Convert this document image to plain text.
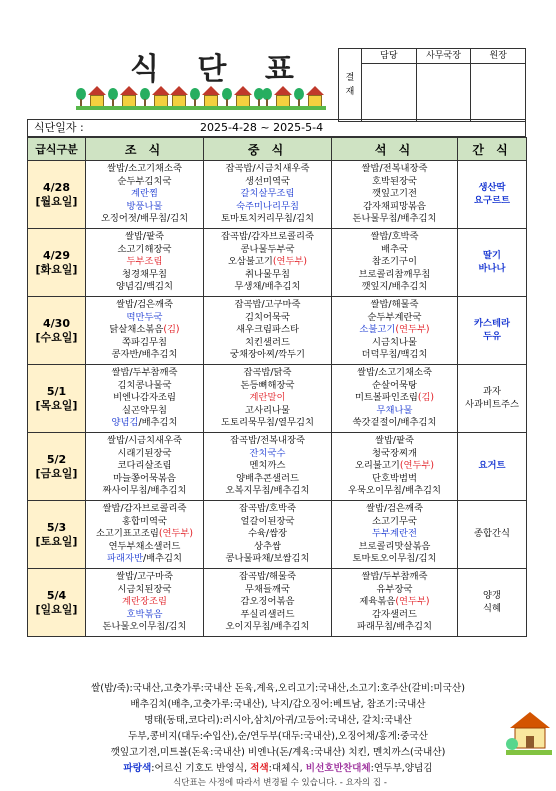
식 단 표	결
재
담당	사무국장	원장
식단일자 :	2025-4-28 ~ 2025-5-4
급식구분	조 식	중 식	석 식	간 식

4/28
[월요일]	쌀밥/소고기채소죽
순두부김치국
계란찜
방풍나물
오징어젓/배무침/김치	잡곡밥/시금치새우죽
생선미역국
갈치살무조림
숙주미나리무침
토마토치커리무침/김치	쌀밥/전복내장죽
호박된장국
깻잎고기전
감자채피망볶음
돈나물무침/배추김치	생산딱
요구르트

4/29
[화요일]	쌀밥/팥죽
소고기해장국
두부조림
청경채무침
양념김/백김치	잡곡밥/감자브로콜리죽
콩나물두부국
오삼불고기(연두부)
취나물무침
무생채/배추김치	쌀밥/호박죽
배추국
참조기구이
브로콜리참깨무침
깻잎지/배추김치	딸기
바나나

4/30
[수요일]	쌀밥/검은깨죽
떡만두국
닭살채소볶음(김)
쪽파김무침
콩자반/배추김치	잡곡밥/고구마죽
김치어묵국
새우크림파스타
치킨샐러드
궁채장아찌/깍두기	쌀밥/해물죽
순두부계란국
소불고기(연두부)
시금치나물
더덕무침/백김치	카스테라
두유

5/1
[목요일]	쌀밥/두부참깨죽
김치콩나물국
비엔나감자조림
실곤약무침
양념김/배추김치	잡곡밥/닭죽
돈등뼈해장국
계란말이
고사리나물
도토리묵무침/열무김치	쌀밥/소고기채소죽
순살어묵탕
미트볼파인조림(김)
무채나물
쑥갓겉절이/배추김치	과자
사과비트주스

5/2
[금요일]	쌀밥/시금치새우죽
시래기된장국
코다리살조림
마늘쫑어묵볶음
짜사이무침/배추김치	잡곡밥/전복내장죽
잔치국수
멘치까스
양배추콘샐러드
오복지무침/배추김치	쌀밥/팥죽
청국장찌개
오리불고기(연두부)
단호박범벅
우묵오이무침/배추김치	요거트

5/3
[토요일]	쌀밥/감자브로콜리죽
홍합미역국
소고기표고조림(연두부)
연두부채소샐러드
파래자반/배추김치	잡곡밥/호박죽
얼갈이된장국
수육/쌈장
상추쌈
콩나물파채/보쌈김치	쌀밥/검은깨죽
소고기무국
두부계란전
브로콜리맛살볶음
토마토오이무침/김치	종합간식

5/4
[일요일]	쌀밥/고구마죽
시금치된장국
계란장조림
호박볶음
돈나물오이무침/김치	잡곡밥/해물죽
무채들깨국
감오징어볶음
푸실리샐러드
오이지무침/배추김치	쌀밥/두부참깨죽
유부장국
제육볶음(연두부)
감자샐러드
파래무침/배추김치	양갱
식혜
쌀(밥/죽):국내산,고춧가루:국내산 돈육,계육,오리고기:국내산,소고기:호주산(갈비:미국산)
배추김치(배추,고춧가루:국내산), 낙지/갑오징어:베트남, 참조기:국내산
명태(동태,코다리):러시아,삼치/아귀/고등어:국내산, 갈치:국내산
두부,콩비지(대두:수입산),순/연두부(대두:국내산),오징어채/홍게:중국산
깻잎고기전,미트볼(돈육:국내산) 비엔나(돈/계육:국내산) 치킨, 멘치까스(국내산)
파랑색:어르신 기호도 반영식, 적색:대체식, 비선호반찬대체:연두부,양념김
식단표는 사정에 따라서 변경될 수 있습니다. - 요자의 집 -
